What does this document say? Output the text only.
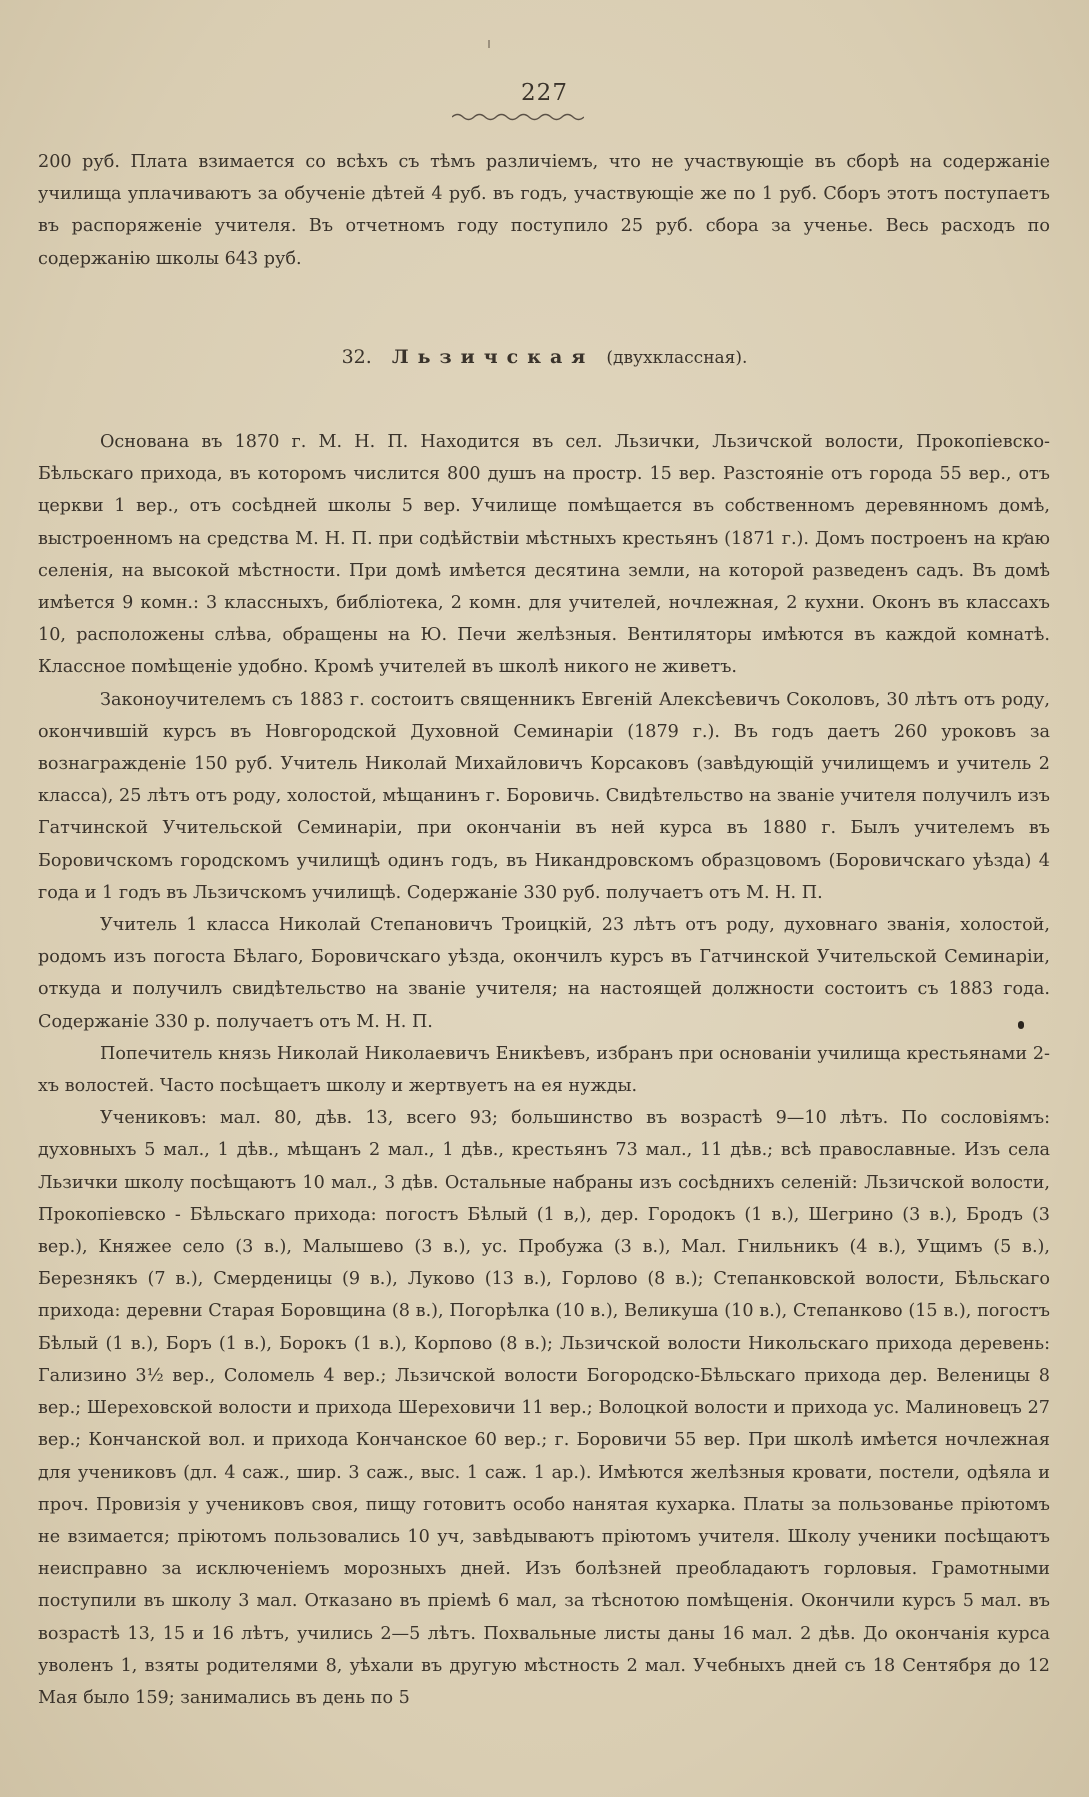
227

200 руб. Плата взимается со всѣхъ съ тѣмъ различіемъ, что не участвующіе въ сборѣ на содержаніе училища уплачиваютъ за обученіе дѣтей 4 руб. въ годъ, участвующіе же по 1 руб. Сборъ этотъ поступаетъ въ распоряженіе учителя. Въ отчетномъ году поступило 25 руб. сбора за ученье. Весь расходъ по содержанію школы 643 руб.

32. Льзичская (двухклассная).

Основана въ 1870 г. М. Н. П. Находится въ сел. Льзички, Льзичской волости, Прокопіевско-Бѣльскаго прихода, въ которомъ числится 800 душъ на простр. 15 вер. Разстояніе отъ города 55 вер., отъ церкви 1 вер., отъ сосѣдней школы 5 вер. Училище помѣщается въ собственномъ деревянномъ домѣ, выстроенномъ на средства М. Н. П. при содѣйствіи мѣстныхъ крестьянъ (1871 г.). Домъ построенъ на краю селенія, на высокой мѣстности. При домѣ имѣется десятина земли, на которой разведенъ садъ. Въ домѣ имѣется 9 комн.: 3 классныхъ, библіотека, 2 комн. для учителей, ночлежная, 2 кухни. Оконъ въ классахъ 10, расположены слѣва, обращены на Ю. Печи желѣзныя. Вентиляторы имѣются въ каждой комнатѣ. Классное помѣщеніе удобно. Кромѣ учителей въ школѣ никого не живетъ.

Законоучителемъ съ 1883 г. состоитъ священникъ Евгеній Алексѣевичъ Соколовъ, 30 лѣтъ отъ роду, окончившій курсъ въ Новгородской Духовной Семинаріи (1879 г.). Въ годъ даетъ 260 уроковъ за вознагражденіе 150 руб. Учитель Николай Михайловичъ Корсаковъ (завѣдующій училищемъ и учитель 2 класса), 25 лѣтъ отъ роду, холостой, мѣщанинъ г. Боровичь. Свидѣтельство на званіе учителя получилъ изъ Гатчинской Учительской Семинаріи, при окончаніи въ ней курса въ 1880 г. Былъ учителемъ въ Боровичскомъ городскомъ училищѣ одинъ годъ, въ Никандровскомъ образцовомъ (Боровичскаго уѣзда) 4 года и 1 годъ въ Льзичскомъ училищѣ. Содержаніе 330 руб. получаетъ отъ М. Н. П.

Учитель 1 класса Николай Степановичъ Троицкій, 23 лѣтъ отъ роду, духовнаго званія, холостой, родомъ изъ погоста Бѣлаго, Боровичскаго уѣзда, окончилъ курсъ въ Гатчинской Учительской Семинаріи, откуда и получилъ свидѣтельство на званіе учителя; на настоящей должности состоитъ съ 1883 года. Содержаніе 330 р. получаетъ отъ М. Н. П.

Попечитель князь Николай Николаевичъ Еникѣевъ, избранъ при основаніи училища крестьянами 2-хъ волостей. Часто посѣщаетъ школу и жертвуетъ на ея нужды.

Учениковъ: мал. 80, дѣв. 13, всего 93; большинство въ возрастѣ 9—10 лѣтъ. По сословіямъ: духовныхъ 5 мал., 1 дѣв., мѣщанъ 2 мал., 1 дѣв., крестьянъ 73 мал., 11 дѣв.; всѣ православные. Изъ села Льзички школу посѣщаютъ 10 мал., 3 дѣв. Остальные набраны изъ сосѣднихъ селеній: Льзичской волости, Прокопіевско - Бѣльскаго прихода: погостъ Бѣлый (1 в,), дер. Городокъ (1 в.), Шегрино (3 в.), Бродъ (3 вер.), Княжее село (3 в.), Малышево (3 в.), ус. Пробужа (3 в.), Мал. Гнильникъ (4 в.), Ущимъ (5 в.), Березнякъ (7 в.), Смерденицы (9 в.), Луково (13 в.), Горлово (8 в.); Степанковской волости, Бѣльскаго прихода: деревни Старая Боровщина (8 в.), Погорѣлка (10 в.), Великуша (10 в.), Степанково (15 в.), погостъ Бѣлый (1 в.), Боръ (1 в.), Борокъ (1 в.), Корпово (8 в.); Льзичской волости Никольскаго прихода деревень: Гализино 3½ вер., Соломель 4 вер.; Льзичской волости Богородско-Бѣльскаго прихода дер. Веленицы 8 вер.; Шереховской волости и прихода Шереховичи 11 вер.; Волоцкой волости и прихода ус. Малиновецъ 27 вер.; Кончанской вол. и прихода Кончанское 60 вер.; г. Боровичи 55 вер. При школѣ имѣется ночлежная для учениковъ (дл. 4 саж., шир. 3 саж., выс. 1 саж. 1 ар.). Имѣются желѣзныя кровати, постели, одѣяла и проч. Провизія у учениковъ своя, пищу готовитъ особо нанятая кухарка. Платы за пользованье пріютомъ не взимается; пріютомъ пользовались 10 уч, завѣдываютъ пріютомъ учителя. Школу ученики посѣщаютъ неисправно за исключеніемъ морозныхъ дней. Изъ болѣзней преобладаютъ горловыя. Грамотными поступили въ школу 3 мал. Отказано въ пріемѣ 6 мал, за тѣснотою помѣщенія. Окончили курсъ 5 мал. въ возрастѣ 13, 15 и 16 лѣтъ, учились 2—5 лѣтъ. Похвальные листы даны 16 мал. 2 дѣв. До окончанія курса уволенъ 1, взяты родителями 8, уѣхали въ другую мѣстность 2 мал. Учебныхъ дней съ 18 Сентября до 12 Мая было 159; занимались въ день по 5
